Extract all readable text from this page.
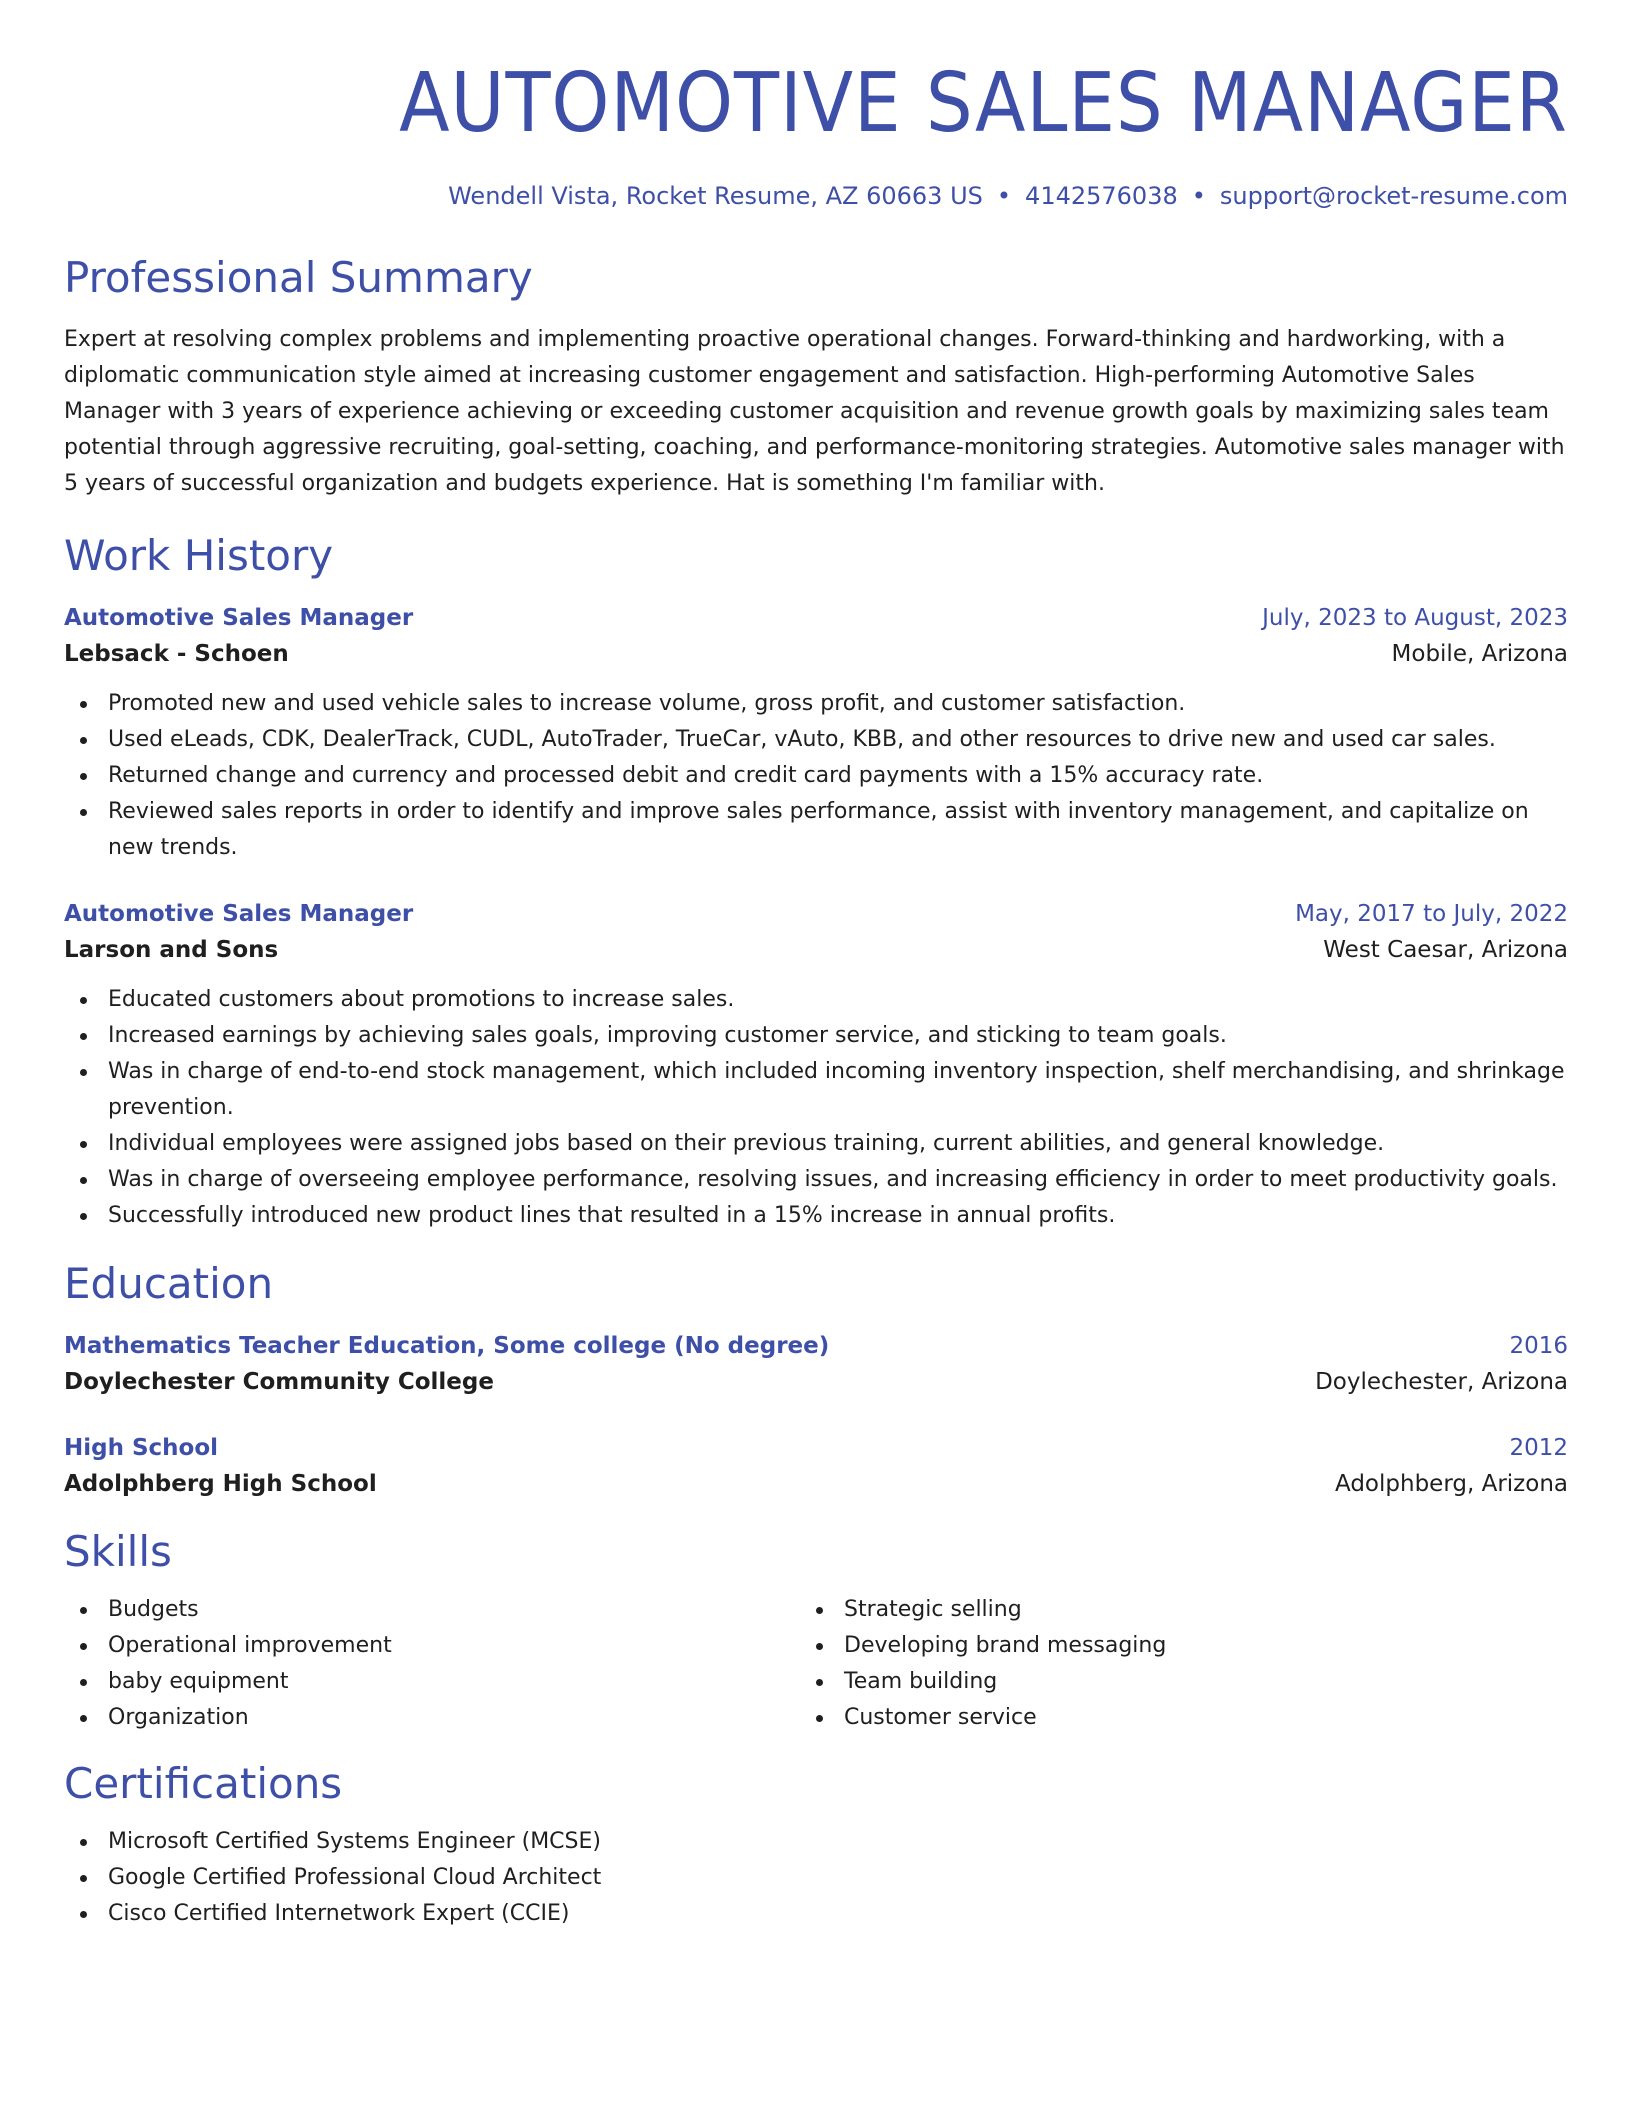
AUTOMOTIVE SALES MANAGER
Wendell Vista, Rocket Resume, AZ 60663 US • 4142576038 • support@rocket-resume.com
Professional Summary

Expert at resolving complex problems and implementing proactive operational changes. Forward-thinking and hardworking, with a diplomatic communication style aimed at increasing customer engagement and satisfaction. High-performing Automotive Sales Manager with 3 years of experience achieving or exceeding customer acquisition and revenue growth goals by maximizing sales team potential through aggressive recruiting, goal-setting, coaching, and performance-monitoring strategies. Automotive sales manager with 5 years of successful organization and budgets experience. Hat is something I'm familiar with.

Work History
Automotive Sales Manager	July, 2023 to August, 2023
Lebsack - Schoen	Mobile, Arizona
Promoted new and used vehicle sales to increase volume, gross profit, and customer satisfaction.
Used eLeads, CDK, DealerTrack, CUDL, AutoTrader, TrueCar, vAuto, KBB, and other resources to drive new and used car sales.
Returned change and currency and processed debit and credit card payments with a 15% accuracy rate.
Reviewed sales reports in order to identify and improve sales performance, assist with inventory management, and capitalize on new trends.
Automotive Sales Manager	May, 2017 to July, 2022
Larson and Sons	West Caesar, Arizona
Educated customers about promotions to increase sales.
Increased earnings by achieving sales goals, improving customer service, and sticking to team goals.
Was in charge of end-to-end stock management, which included incoming inventory inspection, shelf merchandising, and shrinkage prevention.
Individual employees were assigned jobs based on their previous training, current abilities, and general knowledge.
Was in charge of overseeing employee performance, resolving issues, and increasing efficiency in order to meet productivity goals.
Successfully introduced new product lines that resulted in a 15% increase in annual profits.
Education
Mathematics Teacher Education, Some college (No degree)	2016
Doylechester Community College	Doylechester, Arizona
High School	2012
Adolphberg High School	Adolphberg, Arizona
Skills
Budgets
Operational improvement
baby equipment
Organization
Strategic selling
Developing brand messaging
Team building
Customer service
Certifications
Microsoft Certified Systems Engineer (MCSE)
Google Certified Professional Cloud Architect
Cisco Certified Internetwork Expert (CCIE)
